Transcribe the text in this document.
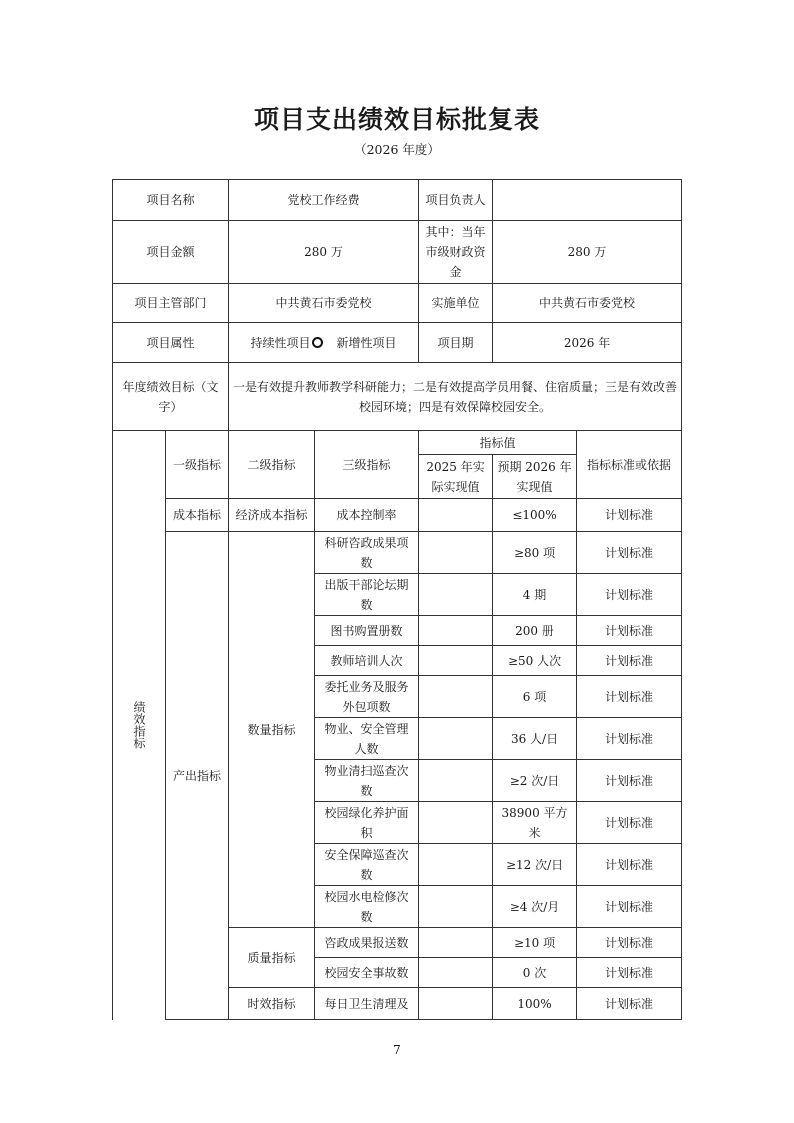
项目支出绩效目标批复表
（2026 年度）
项目名称		党校工作经费		项目负责人		
项目金额		280 万		其中：当年市级财政资金	280 万	
项目主管部门		中共黄石市委党校		实施单位	中共黄石市委党校	
项目属性		持续性项目 新增性项目		项目期	2026 年	
年度绩效目标（文字）		一是有效提升教师教学科研能力；二是有效提高学员用餐、住宿质量；三是有效改善校园环境；四是有效保障校园安全。				
绩效指标	一级指标	二级指标	三级指标	指标值		指标标准或依据
				2025 年实际实现值	预期 2026 年实现值	
	成本指标	经济成本指标	成本控制率		≤100%	计划标准
	产出指标	数量指标	科研咨政成果项数		≥80 项	计划标准
			出版干部论坛期数		4 期	计划标准
			图书购置册数		200 册	计划标准
			教师培训人次		≥50 人次	计划标准
			委托业务及服务外包项数		6 项	计划标准
			物业、安全管理人数		36 人/日	计划标准
			物业清扫巡查次数		≥2 次/日	计划标准
			校园绿化养护面积		38900 平方米	计划标准
			安全保障巡查次数		≥12 次/日	计划标准
			校园水电检修次数		≥4 次/月	计划标准
		质量指标	咨政成果报送数		≥10 项	计划标准
			校园安全事故数		0 次	计划标准
		时效指标	每日卫生清理及		100%	计划标准
7
